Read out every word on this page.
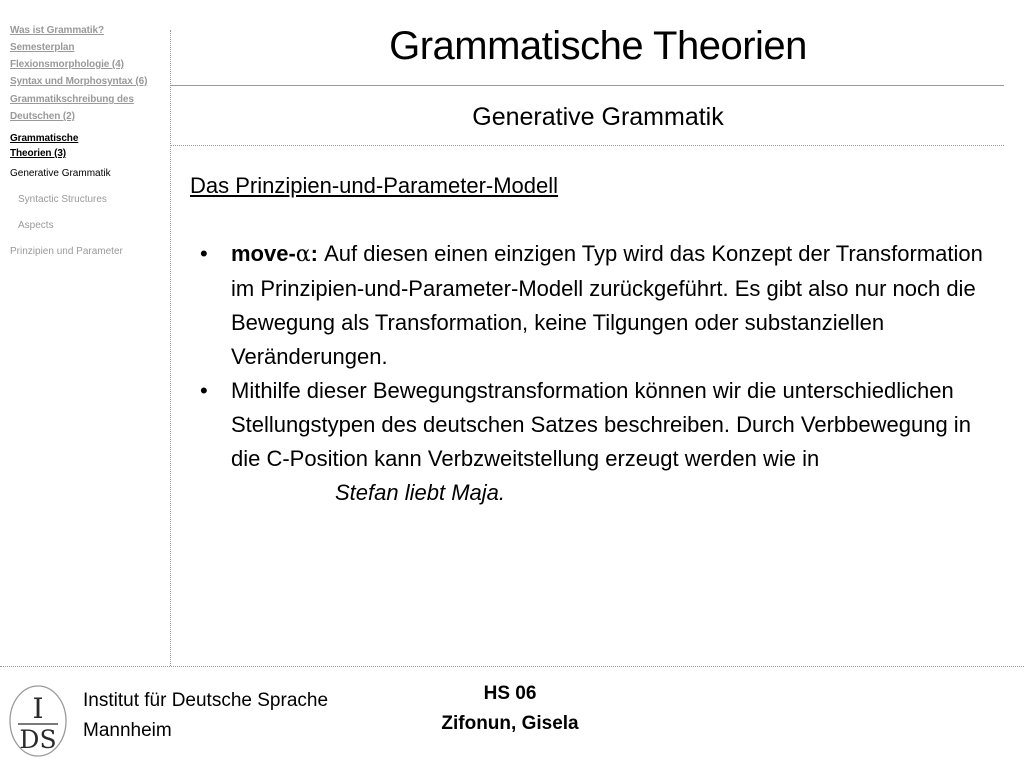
Was ist Grammatik?
Semesterplan
Flexionsmorphologie (4)
Syntax und Morphosyntax (6)
Grammatikschreibung des
Deutschen (2)
Grammatische
Theorien (3)
Generative Grammatik
Syntactic Structures
Aspects
Prinzipien und Parameter
Grammatische Theorien
Generative Grammatik
Das Prinzipien-und-Parameter-Modell
• move-α: Auf diesen einen einzigen Typ wird das Konzept der Transformation im Prinzipien-und-Parameter-Modell zurückgeführt. Es gibt also nur noch die Bewegung als Transformation, keine Tilgungen oder substanziellen Veränderungen.
• Mithilfe dieser Bewegungstransformation können wir die unterschiedlichen Stellungstypen des deutschen Satzes beschreiben. Durch Verbbewegung in die C-Position kann Verbzweitstellung erzeugt werden wie in
Stefan liebt Maja.
I
DS
Institut für Deutsche Sprache
Mannheim
HS 06
Zifonun, Gisela
